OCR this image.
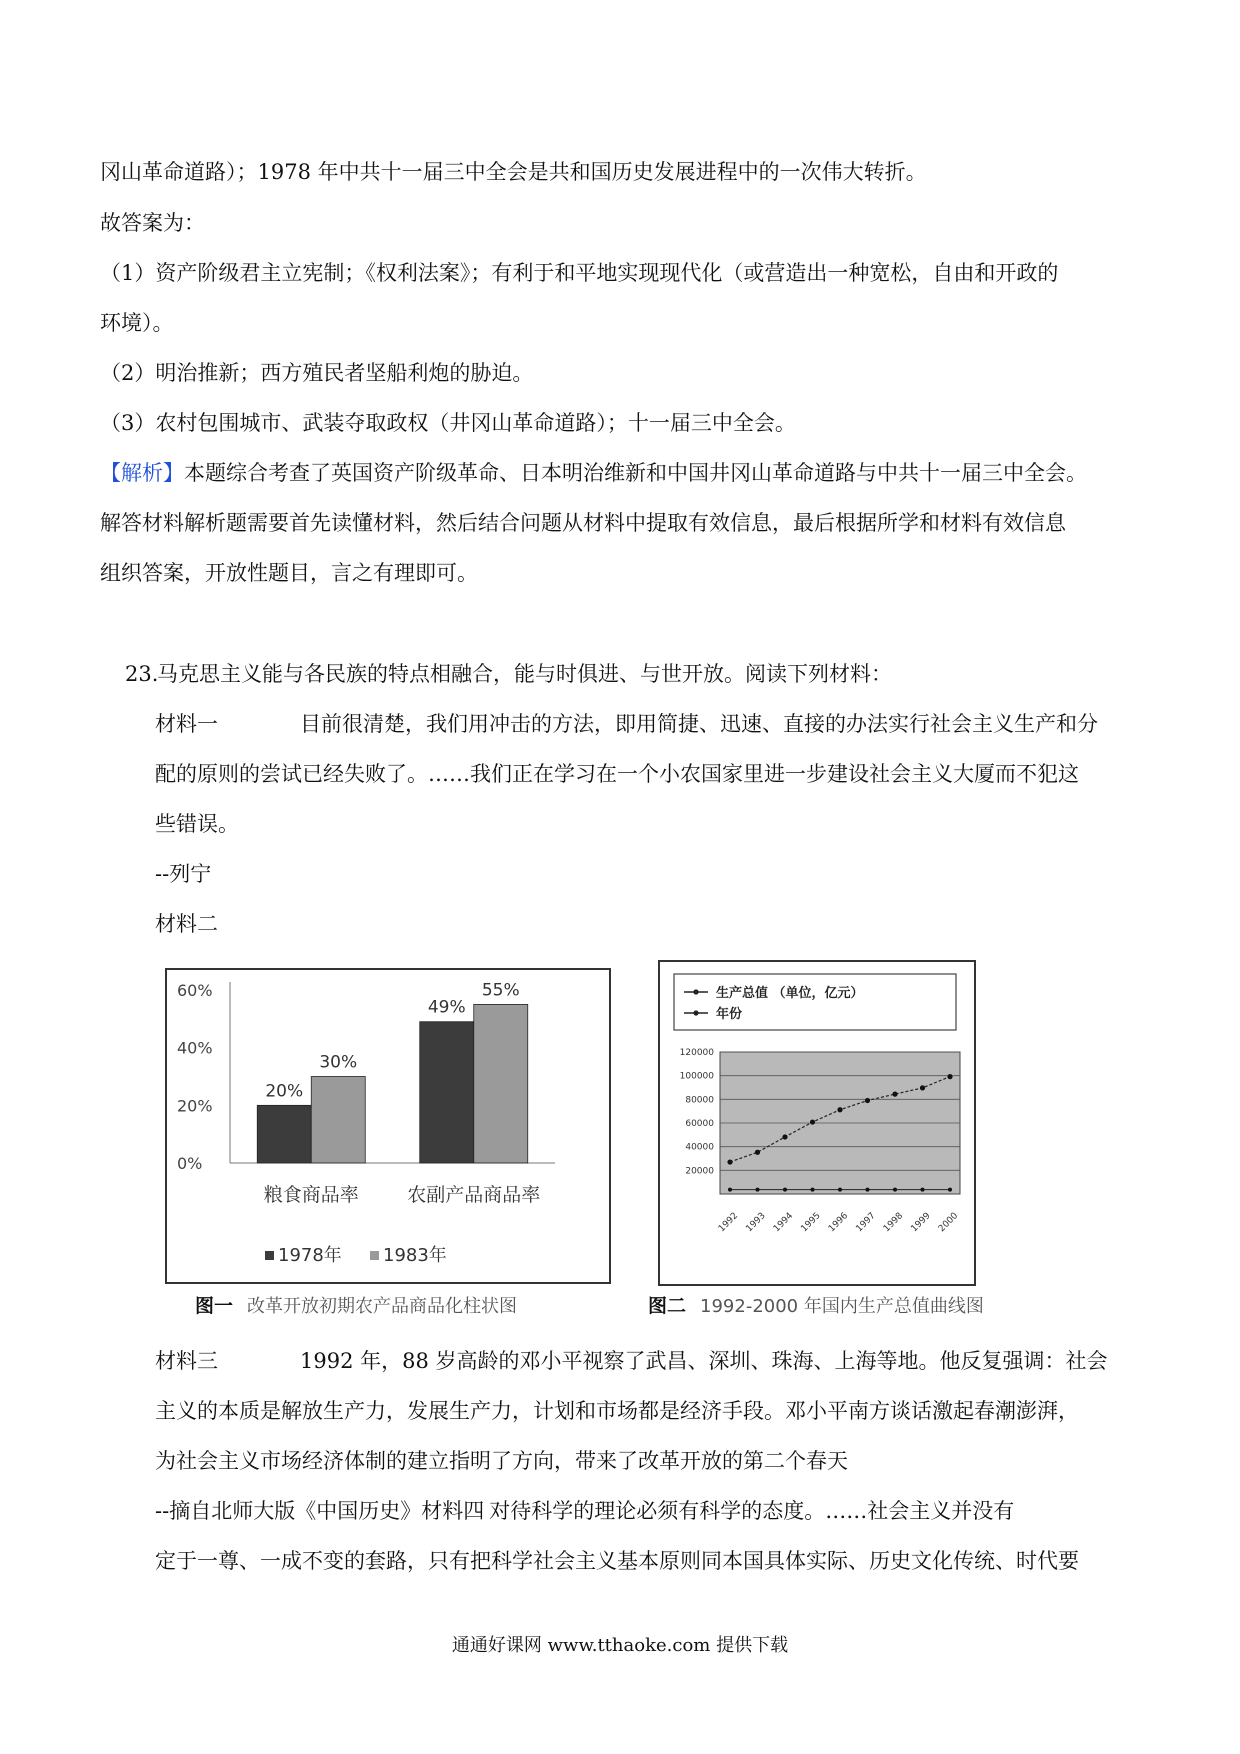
冈山革命道路）；1978 年中共十一届三中全会是共和国历史发展进程中的一次伟大转折。
故答案为：
（1）资产阶级君主立宪制；《权利法案》；有利于和平地实现现代化（或营造出一种宽松，自由和开政的
环境）。
（2）明治推新；西方殖民者坚船利炮的胁迫。
（3）农村包围城市、武装夺取政权（井冈山革命道路）；十一届三中全会。
【解析】本题综合考查了英国资产阶级革命、日本明治维新和中国井冈山革命道路与中共十一届三中全会。
解答材料解析题需要首先读懂材料，然后结合问题从材料中提取有效信息，最后根据所学和材料有效信息
组织答案，开放性题目，言之有理即可。
23.马克思主义能与各民族的特点相融合，能与时俱进、与世开放。阅读下列材料：
材料一	目前很清楚，我们用冲击的方法，即用简捷、迅速、直接的办法实行社会主义生产和分
配的原则的尝试已经失败了。……我们正在学习在一个小农国家里进一步建设社会主义大厦而不犯这
些错误。
--列宁
材料二
0%
20%
40%
60%
20%
30%
粮食商品率
49%
55%
农副产品商品率
1978年 1983年
图一 改革开放初期农产品商品化柱状图
生产总值 （单位，亿元）
年份
20000
40000
60000
80000
100000
120000
1992 1993 1994 1995 1996 1997 1998 1999 2000
图二 1992-2000 年国内生产总值曲线图
材料三	1992 年，88 岁高龄的邓小平视察了武昌、深圳、珠海、上海等地。他反复强调：社会
主义的本质是解放生产力，发展生产力，计划和市场都是经济手段。邓小平南方谈话激起春潮澎湃，
为社会主义市场经济体制的建立指明了方向，带来了改革开放的第二个春天
--摘自北师大版《中国历史》材料四 对待科学的理论必须有科学的态度。……社会主义并没有
定于一尊、一成不变的套路，只有把科学社会主义基本原则同本国具体实际、历史文化传统、时代要
通通好课网 www.tthaoke.com 提供下载
